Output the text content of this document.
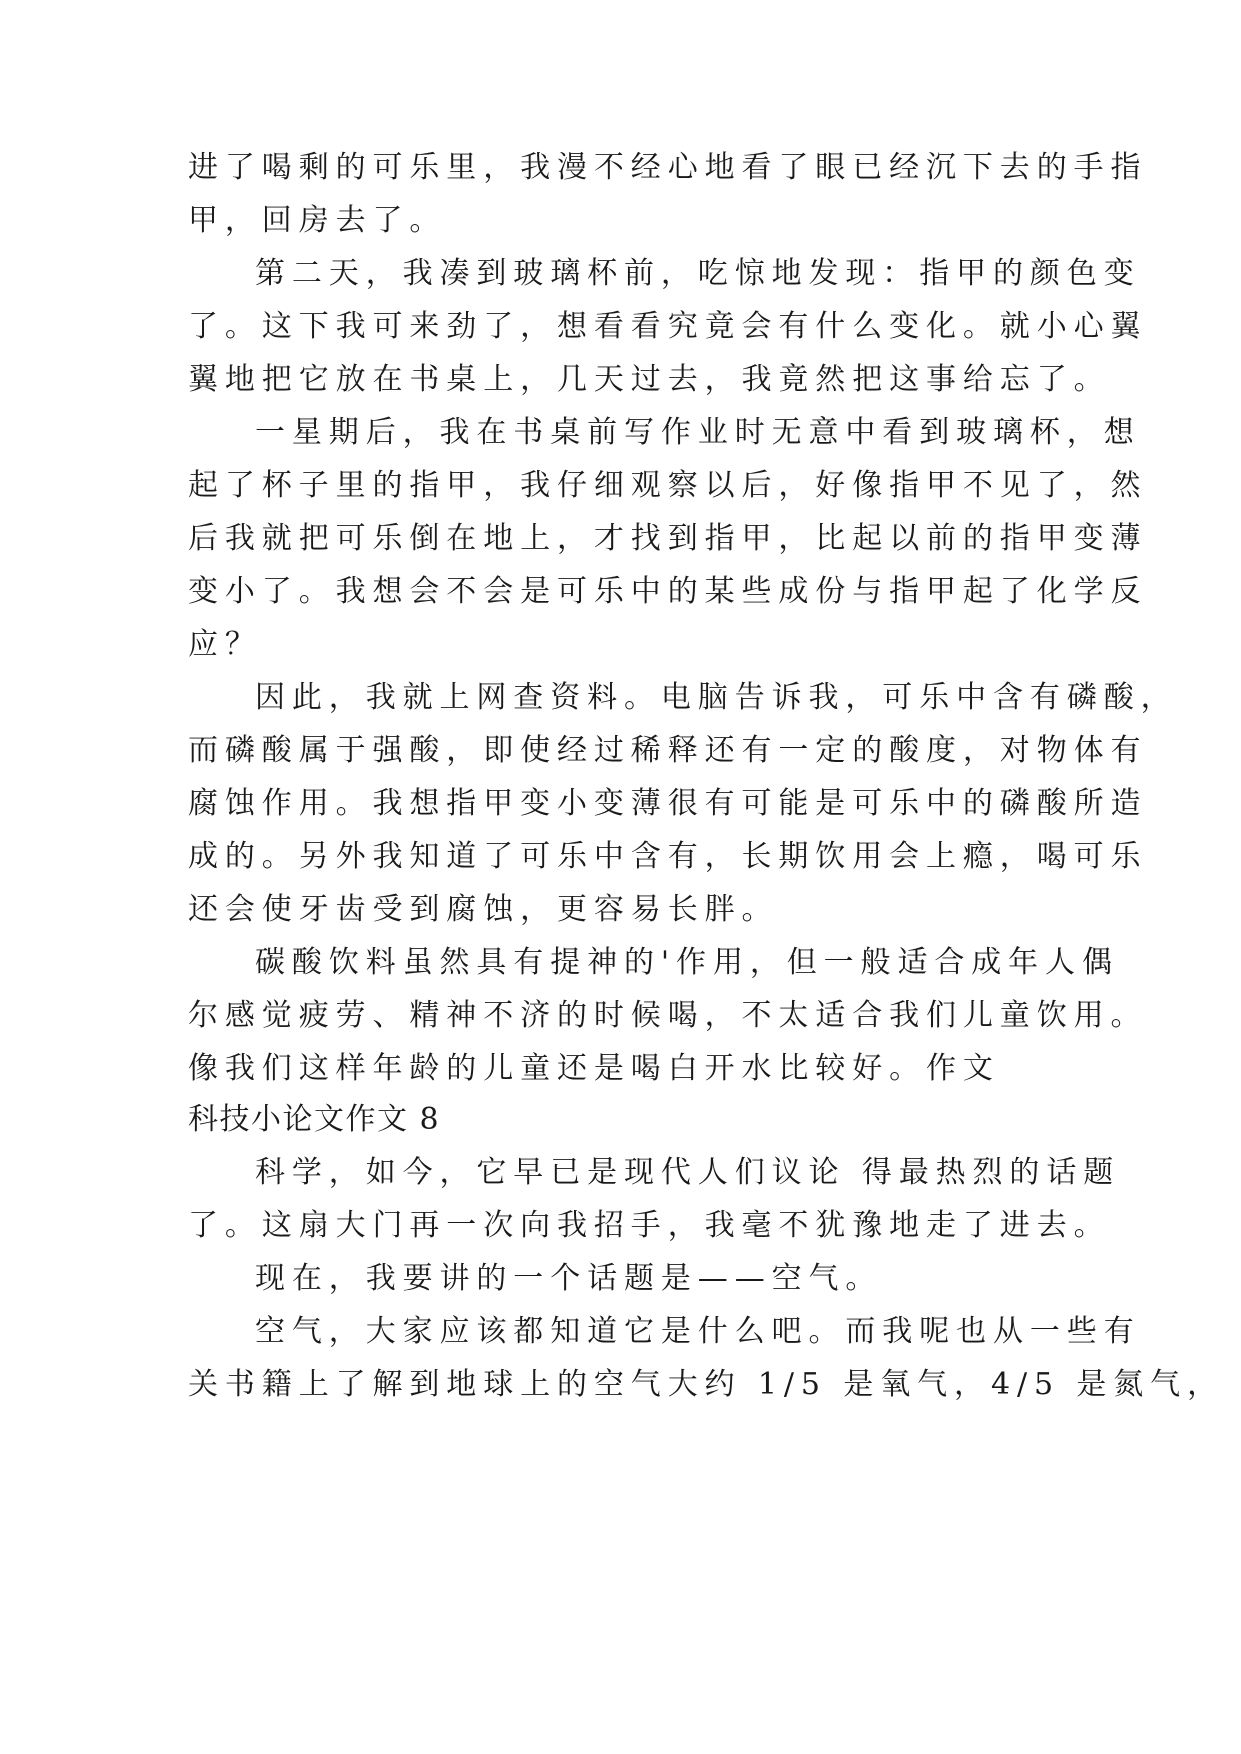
进了喝剩的可乐里，我漫不经心地看了眼已经沉下去的手指

甲，回房去了。

第二天，我凑到玻璃杯前，吃惊地发现：指甲的颜色变

了。这下我可来劲了，想看看究竟会有什么变化。就小心翼

翼地把它放在书桌上，几天过去，我竟然把这事给忘了。

一星期后，我在书桌前写作业时无意中看到玻璃杯，想

起了杯子里的指甲，我仔细观察以后，好像指甲不见了，然

后我就把可乐倒在地上，才找到指甲，比起以前的指甲变薄

变小了。我想会不会是可乐中的某些成份与指甲起了化学反

应？

因此，我就上网查资料。电脑告诉我，可乐中含有磷酸，

而磷酸属于强酸，即使经过稀释还有一定的酸度，对物体有

腐蚀作用。我想指甲变小变薄很有可能是可乐中的磷酸所造

成的。另外我知道了可乐中含有，长期饮用会上瘾，喝可乐

还会使牙齿受到腐蚀，更容易长胖。

碳酸饮料虽然具有提神的'作用，但一般适合成年人偶

尔感觉疲劳、精神不济的时候喝，不太适合我们儿童饮用。

像我们这样年龄的儿童还是喝白开水比较好。作文

科技小论文作文 8

科学，如今，它早已是现代人们议论 得最热烈的话题

了。这扇大门再一次向我招手，我毫不犹豫地走了进去。

现在，我要讲的一个话题是——空气。

空气，大家应该都知道它是什么吧。而我呢也从一些有

关书籍上了解到地球上的空气大约 1/5 是氧气，4/5 是氮气，
